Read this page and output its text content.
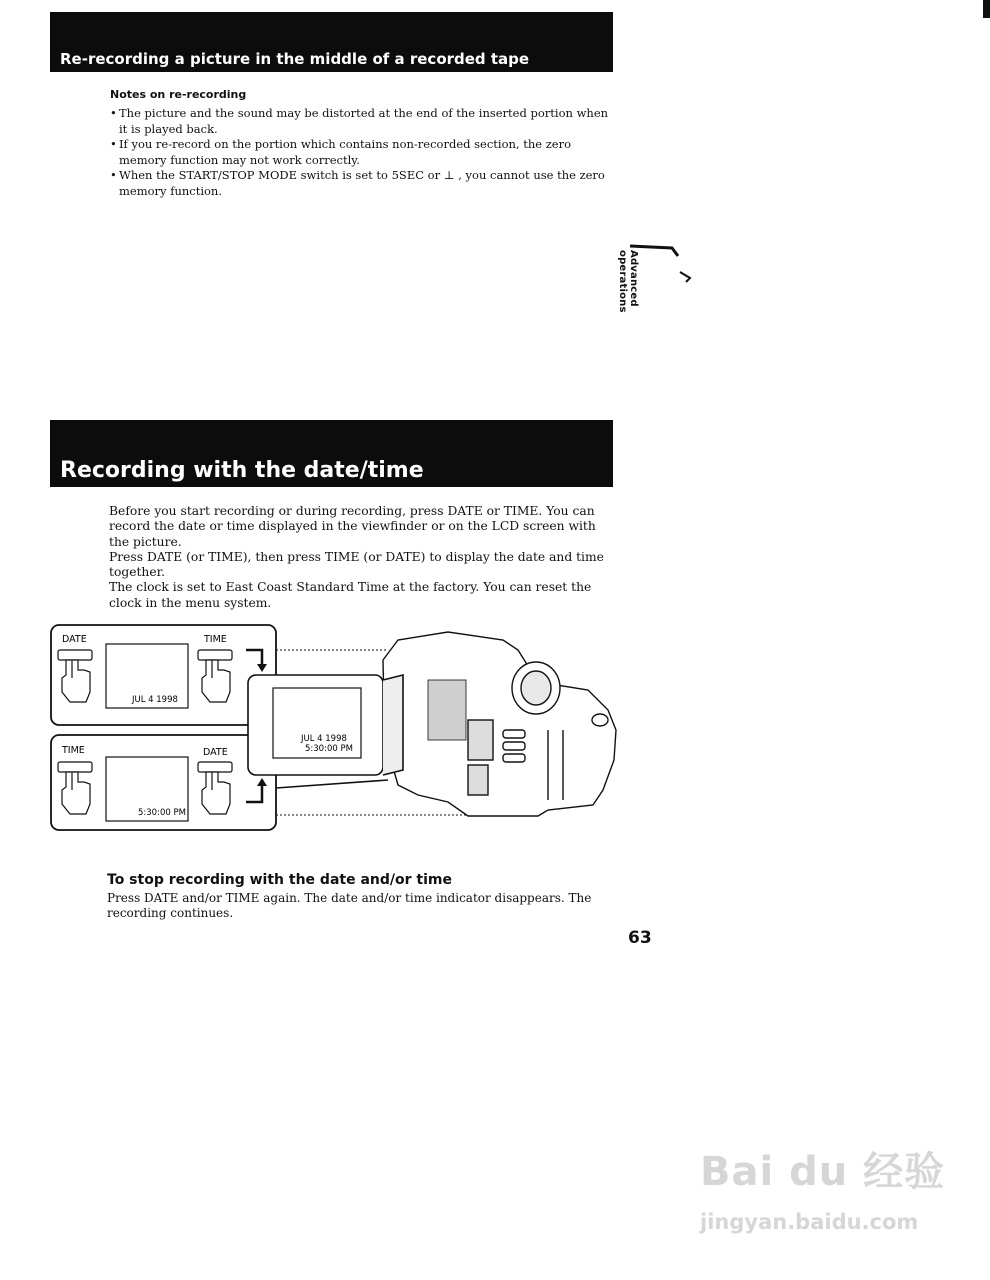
Re-recording a picture in the middle of a recorded tape
Notes on re-recording
• The picture and the sound may be distorted at the end of the inserted portion when it is played back.
• If you re-record on the portion which contains non-recorded section, the zero memory function may not work correctly.
• When the START/STOP MODE switch is set to 5SEC or ⊥ , you cannot use the zero memory function.
Advanced operations
Recording with the date/time

Before you start recording or during recording, press DATE or TIME. You can record the date or time displayed in the viewfinder or on the LCD screen with the picture.

Press DATE (or TIME), then press TIME (or DATE) to display the date and time together.

The clock is set to East Coast Standard Time at the factory. You can reset the clock in the menu system.

DATE	TIME
JUL 4 1998
TIME	DATE
5:30:00 PM
JUL 4 1998
5:30:00 PM
To stop recording with the date and/or time
Press DATE and/or TIME again. The date and/or time indicator disappears. The recording continues.
63
Bai du 经验
jingyan.baidu.com
